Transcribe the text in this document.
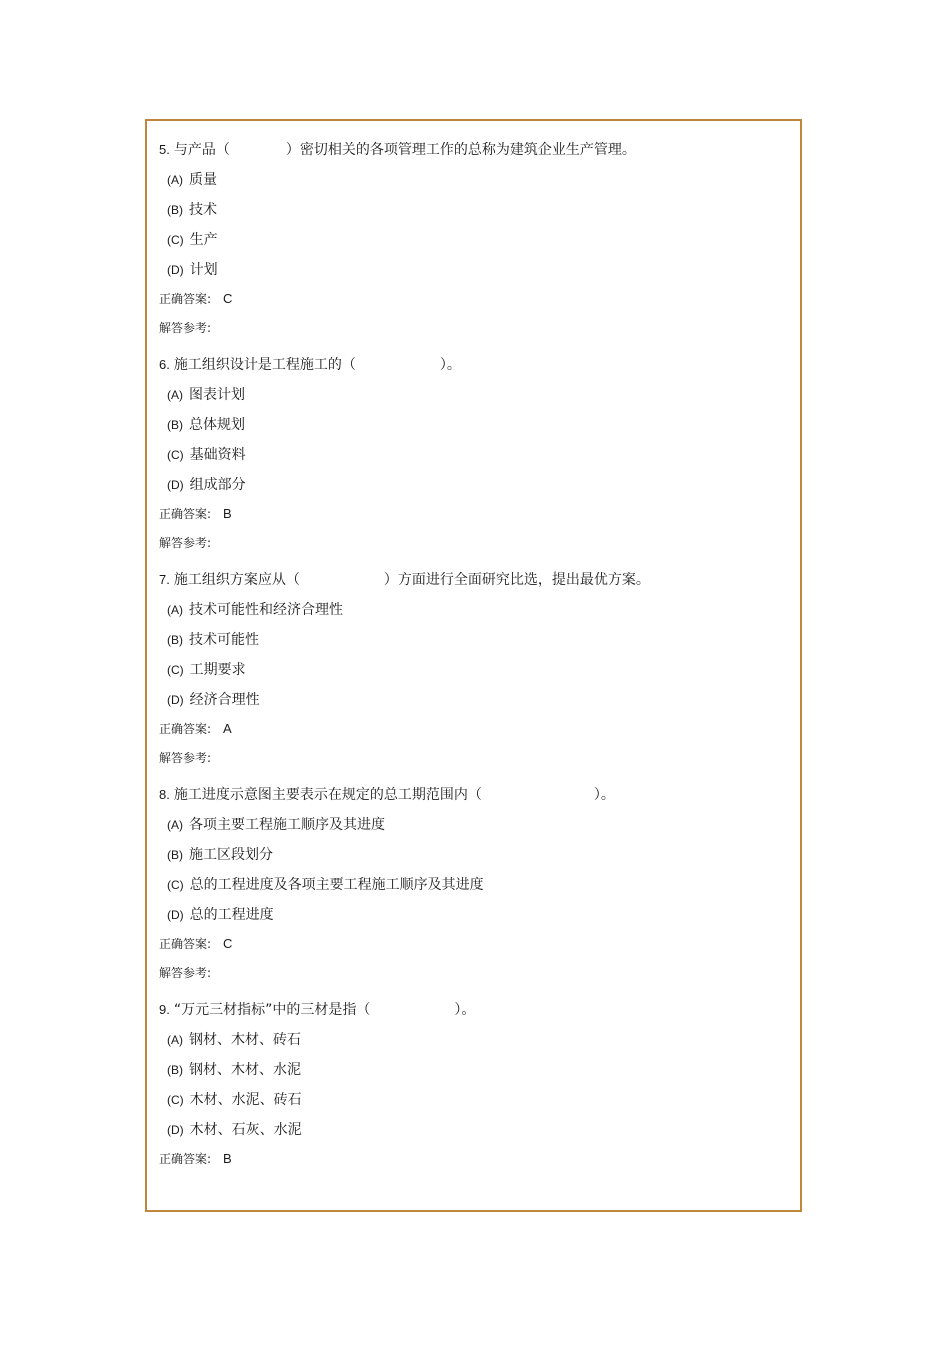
5. 与产品（　　　　）密切相关的各项管理工作的总称为建筑企业生产管理。
(A) 质量
(B) 技术
(C) 生产
(D) 计划
正确答案: C
解答参考:
6. 施工组织设计是工程施工的（　　　　　　）。
(A) 图表计划
(B) 总体规划
(C) 基础资料
(D) 组成部分
正确答案: B
解答参考:
7. 施工组织方案应从（　　　　　　）方面进行全面研究比选，提出最优方案。
(A) 技术可能性和经济合理性
(B) 技术可能性
(C) 工期要求
(D) 经济合理性
正确答案: A
解答参考:
8. 施工进度示意图主要表示在规定的总工期范围内（　　　　　　　　）。
(A) 各项主要工程施工顺序及其进度
(B) 施工区段划分
(C) 总的工程进度及各项主要工程施工顺序及其进度
(D) 总的工程进度
正确答案: C
解答参考:
9. “万元三材指标”中的三材是指（　　　　　　）。
(A) 钢材、木材、砖石
(B) 钢材、木材、水泥
(C) 木材、水泥、砖石
(D) 木材、石灰、水泥
正确答案: B
